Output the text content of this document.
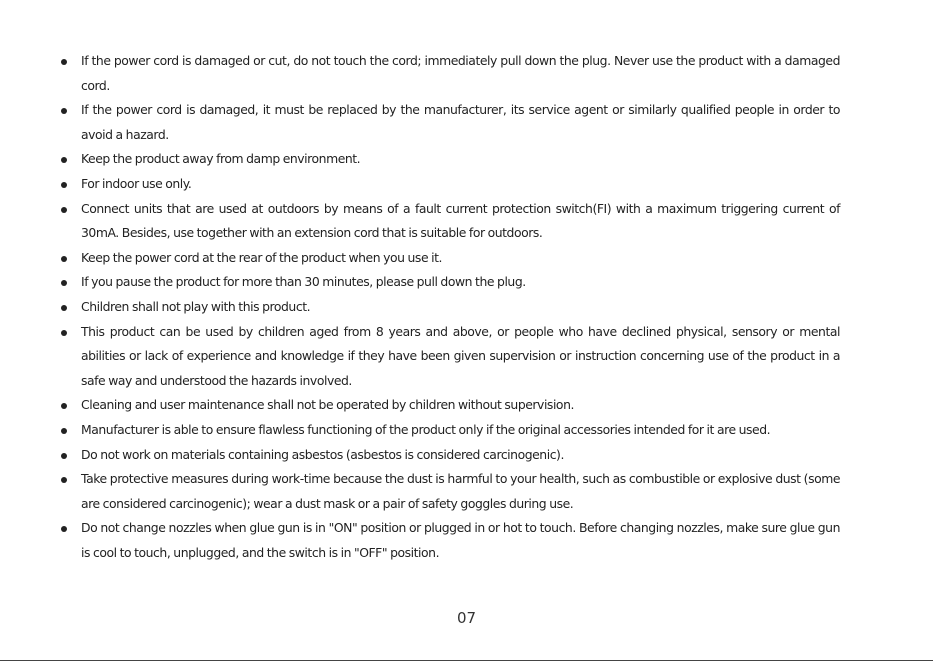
If the power cord is damaged or cut, do not touch the cord; immediately pull down the plug. Never use the product with a damaged cord.
If the power cord is damaged, it must be replaced by the manufacturer, its service agent or similarly qualified people in order to avoid a hazard.
Keep the product away from damp environment.
For indoor use only.
Connect units that are used at outdoors by means of a fault current protection switch(FI) with a maximum triggering current of 30mA. Besides, use together with an extension cord that is suitable for outdoors.
Keep the power cord at the rear of the product when you use it.
If you pause the product for more than 30 minutes, please pull down the plug.
Children shall not play with this product.
This product can be used by children aged from 8 years and above, or people who have declined physical, sensory or mental abilities or lack of experience and knowledge if they have been given supervision or instruction concerning use of the product in a safe way and understood the hazards involved.
Cleaning and user maintenance shall not be operated by children without supervision.
Manufacturer is able to ensure flawless functioning of the product only if the original accessories intended for it are used.
Do not work on materials containing asbestos (asbestos is considered carcinogenic).
Take protective measures during work-time because the dust is harmful to your health, such as combustible or explosive dust (some are considered carcinogenic); wear a dust mask or a pair of safety goggles during use.
Do not change nozzles when glue gun is in "ON" position or plugged in or hot to touch. Before changing nozzles, make sure glue gun is cool to touch, unplugged, and the switch is in "OFF" position.
07
